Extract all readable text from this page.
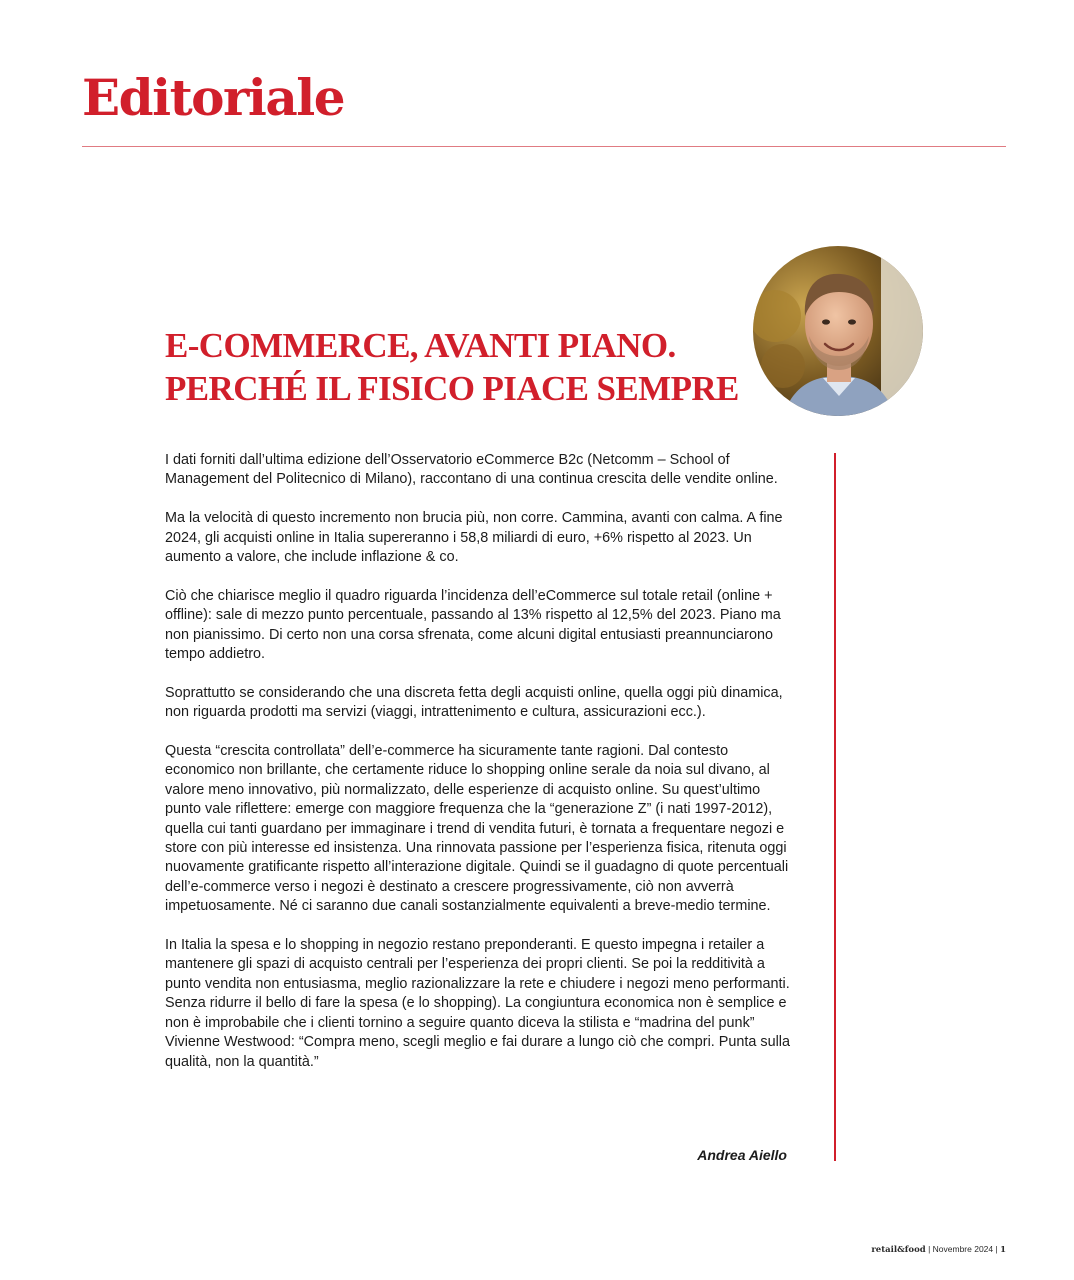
Editoriale
E-COMMERCE, AVANTI PIANO.
PERCHÉ IL FISICO PIACE SEMPRE

I dati forniti dall’ultima edizione dell’Osservatorio eCommerce B2c (Netcomm – School of Management del Politecnico di Milano), raccontano di una continua crescita delle vendite online.

Ma la velocità di questo incremento non brucia più, non corre. Cammina, avanti con calma. A fine 2024, gli acquisti online in Italia supereranno i 58,8 miliardi di euro, +6% rispetto al 2023. Un aumento a valore, che include inflazione & co.

Ciò che chiarisce meglio il quadro riguarda l’incidenza dell’eCommerce sul totale retail (online + offline): sale di mezzo punto percentuale, passando al 13% rispetto al 12,5% del 2023. Piano ma non pianissimo. Di certo non una corsa sfrenata, come alcuni digital entusiasti preannunciarono tempo addietro.

Soprattutto se considerando che una discreta fetta degli acquisti online, quella oggi più dinamica, non riguarda prodotti ma servizi (viaggi, intrattenimento e cultura, assicurazioni ecc.).

Questa “crescita controllata” dell’e-commerce ha sicuramente tante ragioni. Dal contesto economico non brillante, che certamente riduce lo shopping online serale da noia sul divano, al valore meno innovativo, più normalizzato, delle esperienze di acquisto online. Su quest’ultimo punto vale riflettere: emerge con maggiore frequenza che la “generazione Z” (i nati 1997-2012), quella cui tanti guardano per immaginare i trend di vendita futuri, è tornata a frequentare negozi e store con più interesse ed insistenza. Una rinnovata passione per l’esperienza fisica, ritenuta oggi nuovamente gratificante rispetto all’interazione digitale. Quindi se il guadagno di quote percentuali dell’e-commerce verso i negozi è destinato a crescere progressivamente, ciò non avverrà impetuosamente. Né ci saranno due canali sostanzialmente equivalenti a breve-medio termine.

In Italia la spesa e lo shopping in negozio restano preponderanti. E questo impegna i retailer a mantenere gli spazi di acquisto centrali per l’esperienza dei propri clienti. Se poi la redditività a punto vendita non entusiasma, meglio razionalizzare la rete e chiudere i negozi meno performanti. Senza ridurre il bello di fare la spesa (e lo shopping). La congiuntura economica non è semplice e non è improbabile che i clienti tornino a seguire quanto diceva la stilista e “madrina del punk” Vivienne Westwood: “Compra meno, scegli meglio e fai durare a lungo ciò che compri. Punta sulla qualità, non la quantità.”

Andrea Aiello
retail&food | Novembre 2024 | 1
